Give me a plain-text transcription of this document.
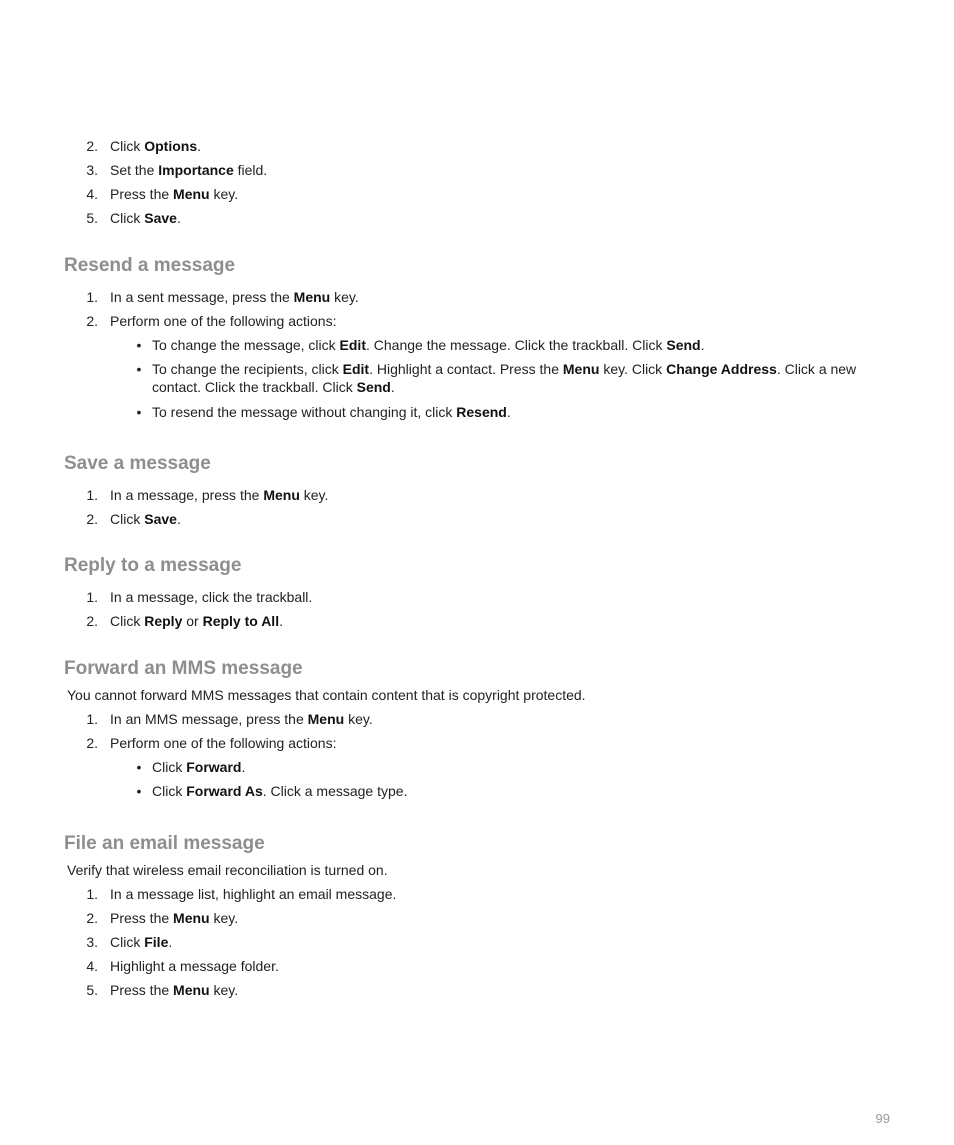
2. Click Options.
3. Set the Importance field.
4. Press the Menu key.
5. Click Save.
Resend a message
1. In a sent message, press the Menu key.
2. Perform one of the following actions:
• To change the message, click Edit. Change the message. Click the trackball. Click Send.
• To change the recipients, click Edit. Highlight a contact. Press the Menu key. Click Change Address. Click a new contact. Click the trackball. Click Send.
• To resend the message without changing it, click Resend.
Save a message
1. In a message, press the Menu key.
2. Click Save.
Reply to a message
1. In a message, click the trackball.
2. Click Reply or Reply to All.
Forward an MMS message
You cannot forward MMS messages that contain content that is copyright protected.
1. In an MMS message, press the Menu key.
2. Perform one of the following actions:
• Click Forward.
• Click Forward As. Click a message type.
File an email message
Verify that wireless email reconciliation is turned on.
1. In a message list, highlight an email message.
2. Press the Menu key.
3. Click File.
4. Highlight a message folder.
5. Press the Menu key.
99
